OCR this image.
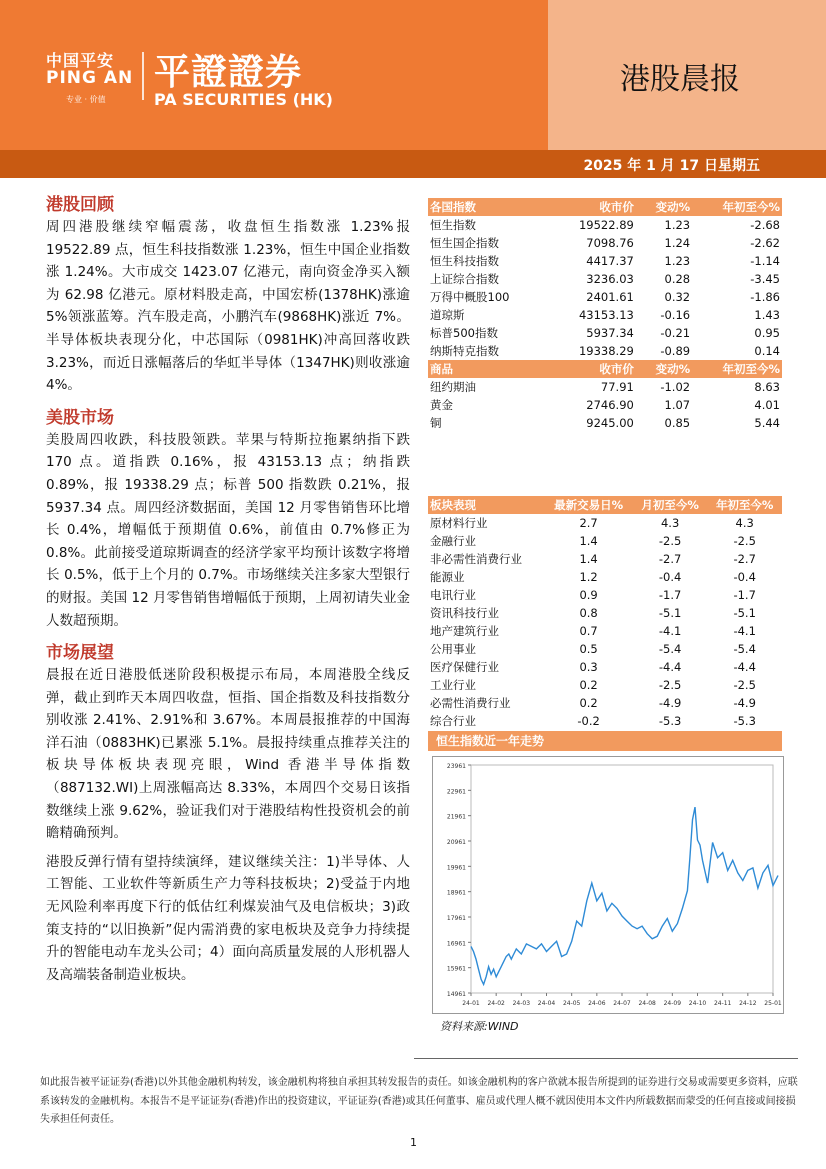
中国平安
PING AN
专业 · 价值
平證證券
PA SECURITIES (HK)
港股晨报
2025 年 1 月 17 日星期五
港股回顾

周四港股继续窄幅震荡，收盘恒生指数涨 1.23%报 19522.89 点，恒生科技指数涨 1.23%，恒生中国企业指数涨 1.24%。大市成交 1423.07 亿港元，南向资金净买入额为 62.98 亿港元。原材料股走高，中国宏桥(1378HK)涨逾 5%领涨蓝筹。汽车股走高，小鹏汽车(9868HK)涨近 7%。半导体板块表现分化，中芯国际（0981HK)冲高回落收跌 3.23%，而近日涨幅落后的华虹半导体（1347HK)则收涨逾 4%。

美股市场

美股周四收跌，科技股领跌。苹果与特斯拉拖累纳指下跌 170 点。道指跌 0.16%，报 43153.13 点；纳指跌 0.89%，报 19338.29 点；标普 500 指数跌 0.21%，报 5937.34 点。周四经济数据面，美国 12 月零售销售环比增长 0.4%，增幅低于预期值 0.6%，前值由 0.7%修正为 0.8%。此前接受道琼斯调查的经济学家平均预计该数字将增长 0.5%，低于上个月的 0.7%。市场继续关注多家大型银行的财报。美国 12 月零售销售增幅低于预期，上周初请失业金人数超预期。

市场展望

晨报在近日港股低迷阶段积极提示布局，本周港股全线反弹，截止到昨天本周四收盘，恒指、国企指数及科技指数分别收涨 2.41%、2.91%和 3.67%。本周晨报推荐的中国海洋石油（0883HK)已累涨 5.1%。晨报持续重点推荐关注的板块导体板块表现亮眼，Wind 香港半导体指数（887132.WI)上周涨幅高达 8.33%，本周四个交易日该指数继续上涨 9.62%，验证我们对于港股结构性投资机会的前瞻精确预判。

港股反弹行情有望持续演绎，建议继续关注：1)半导体、人工智能、工业软件等新质生产力等科技板块；2)受益于内地无风险利率再度下行的低估红利煤炭油气及电信板块；3)政策支持的“以旧换新”促内需消费的家电板块及竞争力持续提升的智能电动车龙头公司；4）面向高质量发展的人形机器人及高端装备制造业板块。

各国指数	收市价	变动%	年初至今%
恒生指数	19522.89	1.23	-2.68
恒生国企指数	7098.76	1.24	-2.62
恒生科技指数	4417.37	1.23	-1.14
上证综合指数	3236.03	0.28	-3.45
万得中概股100	2401.61	0.32	-1.86
道琼斯	43153.13	-0.16	1.43
标普500指数	5937.34	-0.21	0.95
纳斯特克指数	19338.29	-0.89	0.14
商品	收市价	变动%	年初至今%
纽约期油	77.91	-1.02	8.63
黄金	2746.90	1.07	4.01
铜	9245.00	0.85	5.44
板块表现	最新交易日%	月初至今%	年初至今%
原材料行业	2.7	4.3	4.3
金融行业	1.4	-2.5	-2.5
非必需性消费行业	1.4	-2.7	-2.7
能源业	1.2	-0.4	-0.4
电讯行业	0.9	-1.7	-1.7
资讯科技行业	0.8	-5.1	-5.1
地产建筑行业	0.7	-4.1	-4.1
公用事业	0.5	-5.4	-5.4
医疗保健行业	0.3	-4.4	-4.4
工业行业	0.2	-2.5	-2.5
必需性消费行业	0.2	-4.9	-4.9
综合行业	-0.2	-5.3	-5.3
恒生指数近一年走势
23961
22961
21961
20961
19961
18961
17961
16961
15961
14961
24-01 24-02 24-03 24-04 24-05 24-06 24-07 24-08 24-09 24-10 24-11 24-12 25-01
资料来源:WIND
如此报告被平证证券(香港)以外其他金融机构转发，该金融机构将独自承担其转发报告的责任。如该金融机构的客户欲就本报告所提到的证券进行交易或需要更多资料，应联系该转发的金融机构。本报告不是平证证券(香港)作出的投资建议，平证证券(香港)或其任何董事、雇员或代理人概不就因使用本文件内所载数据而蒙受的任何直接或间接损失承担任何责任。
1
